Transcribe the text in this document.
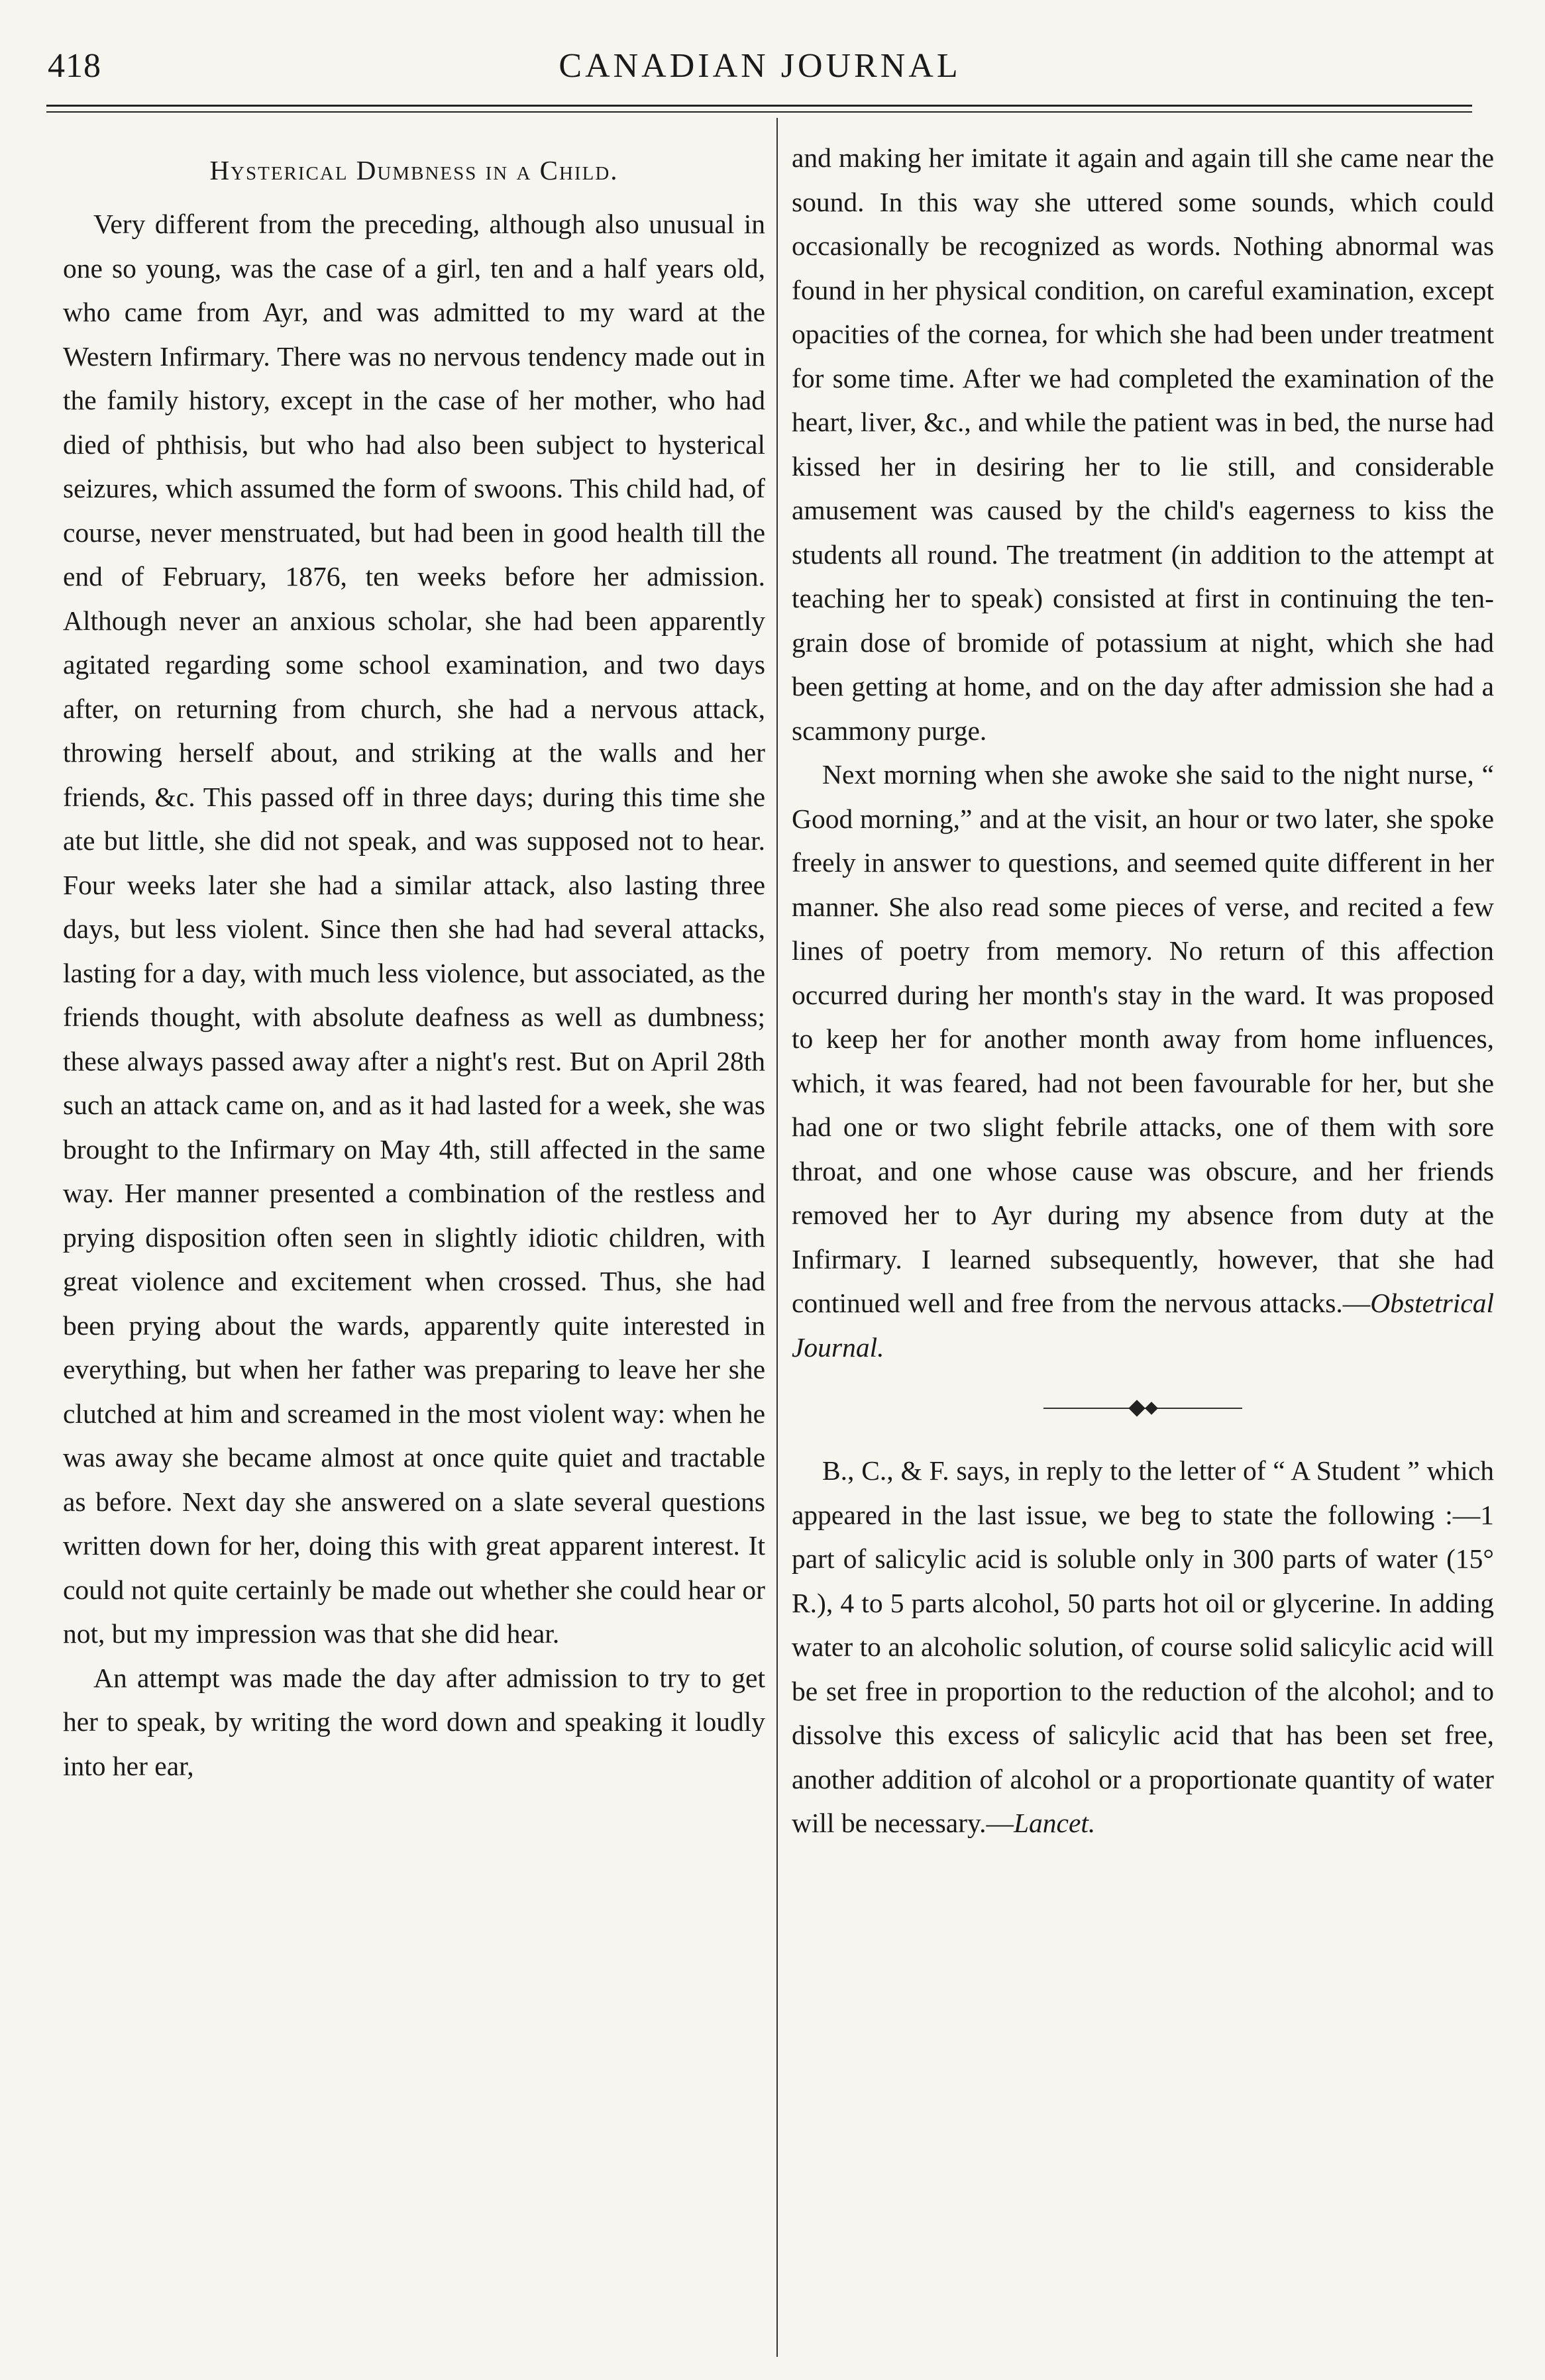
418	CANADIAN JOURNAL
Hysterical Dumbness in a Child.

Very different from the preceding, although also unusual in one so young, was the case of a girl, ten and a half years old, who came from Ayr, and was admitted to my ward at the Western Infirmary. There was no nervous tendency made out in the family history, except in the case of her mother, who had died of phthisis, but who had also been subject to hysterical seizures, which assumed the form of swoons. This child had, of course, never menstruated, but had been in good health till the end of February, 1876, ten weeks before her admission. Although never an anxious scholar, she had been apparently agitated regarding some school examination, and two days after, on returning from church, she had a nervous attack, throwing herself about, and striking at the walls and her friends, &c. This passed off in three days; during this time she ate but little, she did not speak, and was supposed not to hear. Four weeks later she had a similar attack, also lasting three days, but less violent. Since then she had had several attacks, lasting for a day, with much less violence, but associated, as the friends thought, with absolute deafness as well as dumbness; these always passed away after a night's rest. But on April 28th such an attack came on, and as it had lasted for a week, she was brought to the Infirmary on May 4th, still affected in the same way. Her manner presented a combination of the restless and prying disposition often seen in slightly idiotic children, with great violence and excitement when crossed. Thus, she had been prying about the wards, apparently quite interested in everything, but when her father was preparing to leave her she clutched at him and screamed in the most violent way: when he was away she became almost at once quite quiet and tractable as before. Next day she answered on a slate several questions written down for her, doing this with great apparent interest. It could not quite certainly be made out whether she could hear or not, but my impression was that she did hear.

An attempt was made the day after admission to try to get her to speak, by writing the word down and speaking it loudly into her ear,

and making her imitate it again and again till she came near the sound. In this way she uttered some sounds, which could occasionally be recognized as words. Nothing abnormal was found in her physical condition, on careful examination, except opacities of the cornea, for which she had been under treatment for some time. After we had completed the examination of the heart, liver, &c., and while the patient was in bed, the nurse had kissed her in desiring her to lie still, and considerable amusement was caused by the child's eagerness to kiss the students all round. The treatment (in addition to the attempt at teaching her to speak) consisted at first in continuing the ten-grain dose of bromide of potassium at night, which she had been getting at home, and on the day after admission she had a scammony purge.

Next morning when she awoke she said to the night nurse, “ Good morning,” and at the visit, an hour or two later, she spoke freely in answer to questions, and seemed quite different in her manner. She also read some pieces of verse, and recited a few lines of poetry from memory. No return of this affection occurred during her month's stay in the ward. It was proposed to keep her for another month away from home influences, which, it was feared, had not been favourable for her, but she had one or two slight febrile attacks, one of them with sore throat, and one whose cause was obscure, and her friends removed her to Ayr during my absence from duty at the Infirmary. I learned subsequently, however, that she had continued well and free from the nervous attacks.—Obstetrical Journal.

B., C., & F. says, in reply to the letter of “ A Student ” which appeared in the last issue, we beg to state the following :—1 part of salicylic acid is soluble only in 300 parts of water (15° R.), 4 to 5 parts alcohol, 50 parts hot oil or glycerine. In adding water to an alcoholic solution, of course solid salicylic acid will be set free in proportion to the reduction of the alcohol; and to dissolve this excess of salicylic acid that has been set free, another addition of alcohol or a proportionate quantity of water will be necessary.—Lancet.
